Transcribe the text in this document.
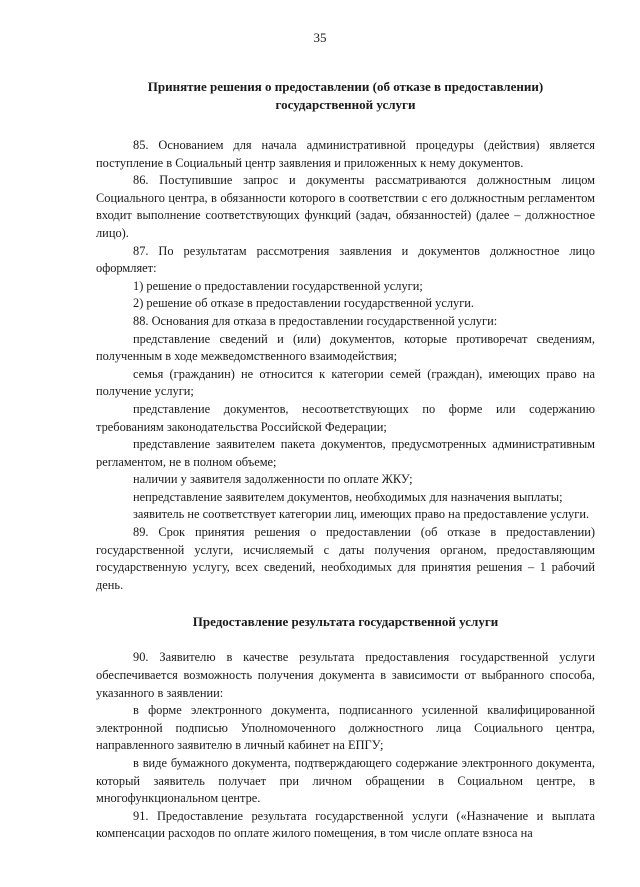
35
Принятие решения о предоставлении (об отказе в предоставлении)
государственной услуги

85. Основанием для начала административной процедуры (действия) является поступление в Социальный центр заявления и приложенных к нему документов.

86. Поступившие запрос и документы рассматриваются должностным лицом Социального центра, в обязанности которого в соответствии с его должностным регламентом входит выполнение соответствующих функций (задач, обязанностей) (далее – должностное лицо).

87. По результатам рассмотрения заявления и документов должностное лицо оформляет:

1) решение о предоставлении государственной услуги;

2) решение об отказе в предоставлении государственной услуги.

88. Основания для отказа в предоставлении государственной услуги:

представление сведений и (или) документов, которые противоречат сведениям, полученным в ходе межведомственного взаимодействия;

семья (гражданин) не относится к категории семей (граждан), имеющих право на получение услуги;

представление документов, несоответствующих по форме или содержанию требованиям законодательства Российской Федерации;

представление заявителем пакета документов, предусмотренных административным регламентом, не в полном объеме;

наличии у заявителя задолженности по оплате ЖКУ;

непредставление заявителем документов, необходимых для назначения выплаты;

заявитель не соответствует категории лиц, имеющих право на предоставление услуги.

89. Срок принятия решения о предоставлении (об отказе в предоставлении) государственной услуги, исчисляемый с даты получения органом, предоставляющим государственную услугу, всех сведений, необходимых для принятия решения – 1 рабочий день.

Предоставление результата государственной услуги

90. Заявителю в качестве результата предоставления государственной услуги обеспечивается возможность получения документа в зависимости от выбранного способа, указанного в заявлении:

в форме электронного документа, подписанного усиленной квалифицированной электронной подписью Уполномоченного должностного лица Социального центра, направленного заявителю в личный кабинет на ЕПГУ;

в виде бумажного документа, подтверждающего содержание электронного документа, который заявитель получает при личном обращении в Социальном центре, в многофункциональном центре.

91. Предоставление результата государственной услуги («Назначение и выплата компенсации расходов по оплате жилого помещения, в том числе оплате взноса на
